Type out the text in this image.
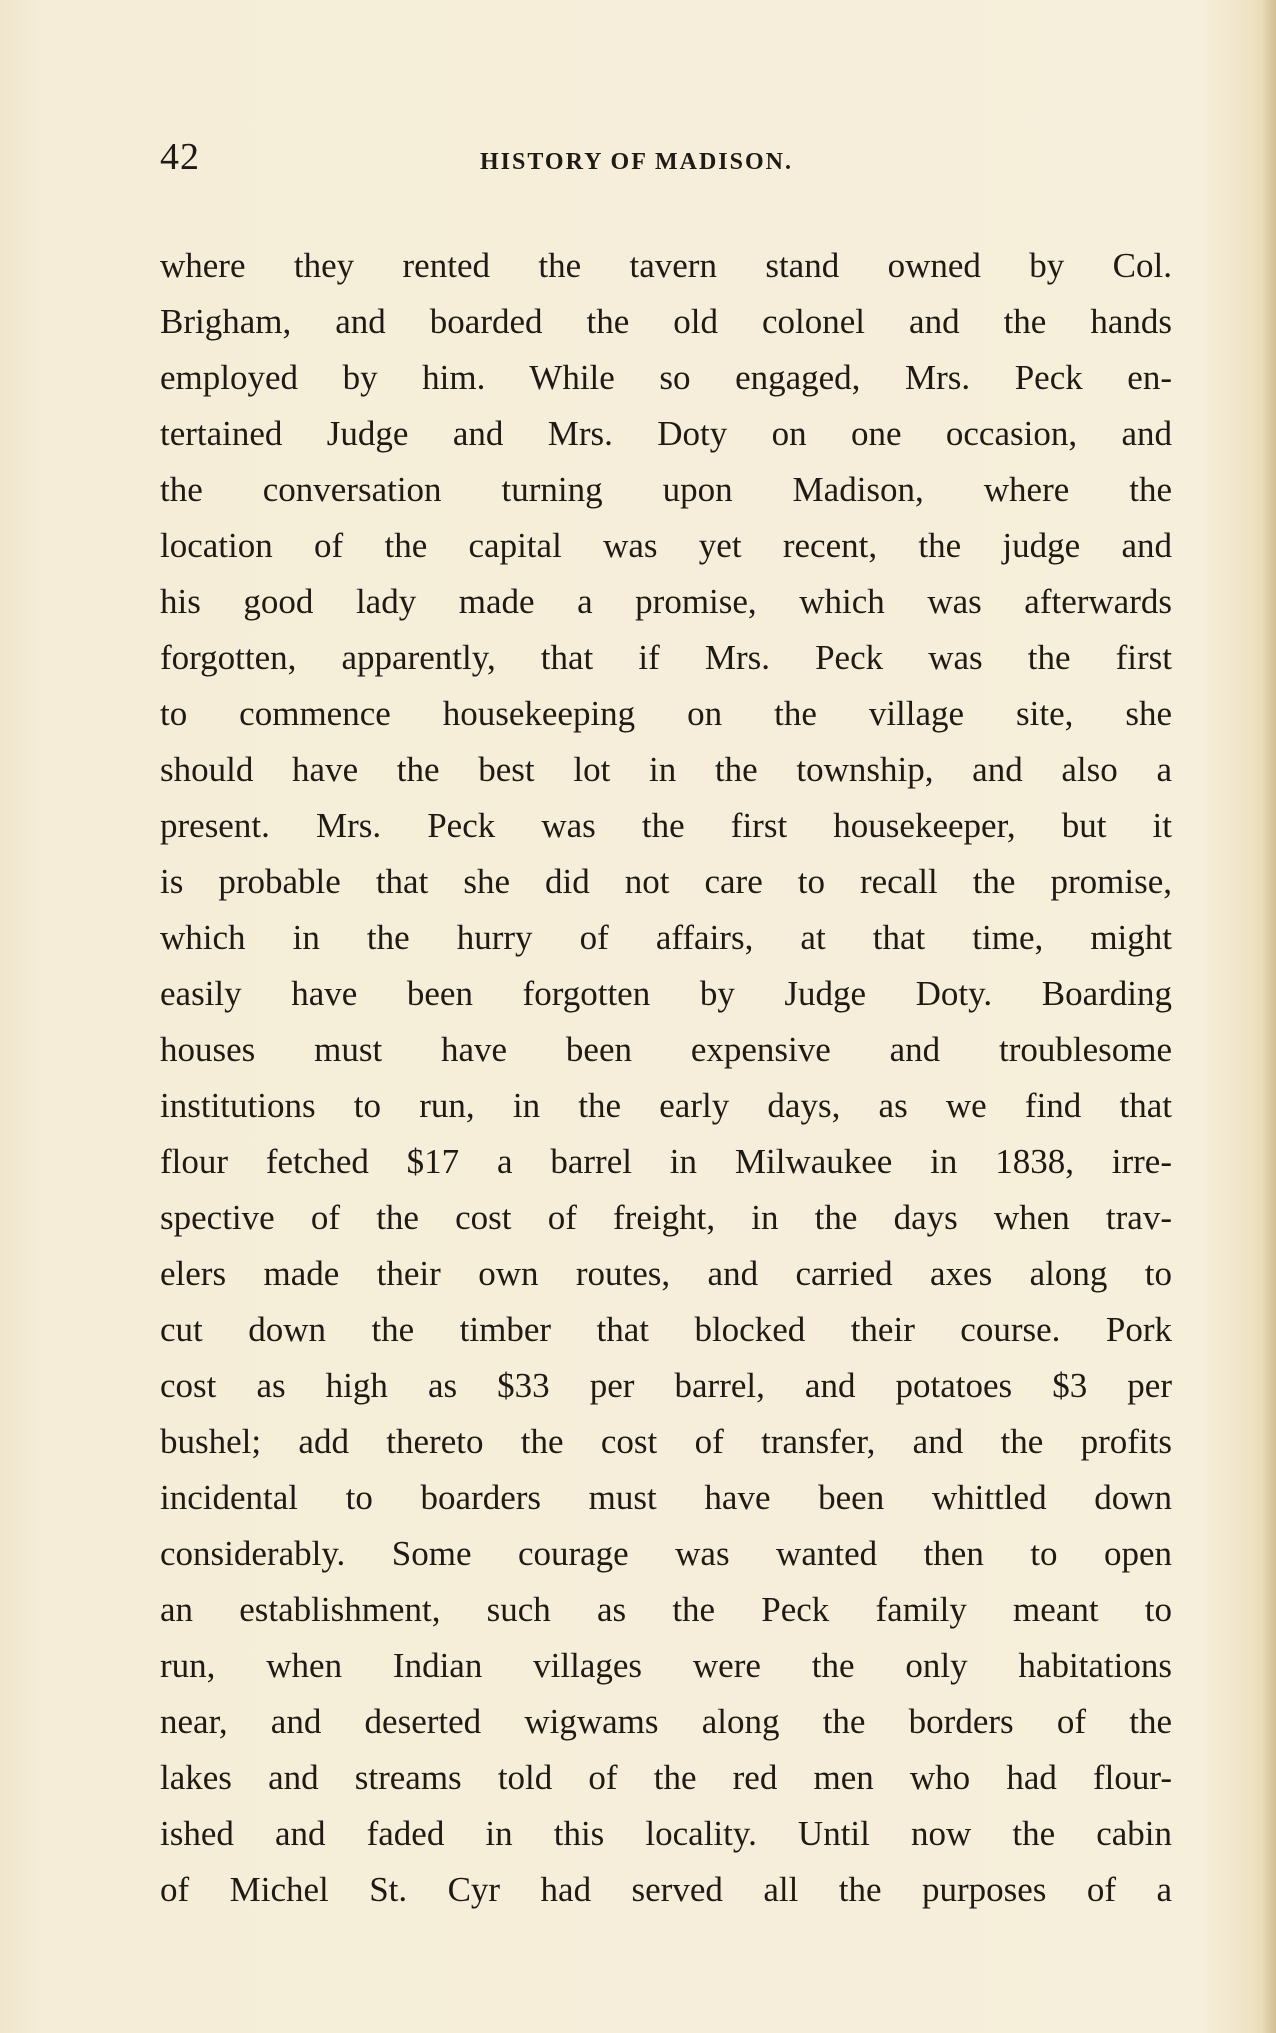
42	HISTORY OF MADISON.
where they rented the tavern stand owned by Col.
Brigham, and boarded the old colonel and the hands
employed by him. While so engaged, Mrs. Peck en-
tertained Judge and Mrs. Doty on one occasion, and
the conversation turning upon Madison, where the
location of the capital was yet recent, the judge and
his good lady made a promise, which was afterwards
forgotten, apparently, that if Mrs. Peck was the first
to commence housekeeping on the village site, she
should have the best lot in the township, and also a
present. Mrs. Peck was the first housekeeper, but it
is probable that she did not care to recall the promise,
which in the hurry of affairs, at that time, might
easily have been forgotten by Judge Doty. Boarding
houses must have been expensive and troublesome
institutions to run, in the early days, as we find that
flour fetched $17 a barrel in Milwaukee in 1838, irre-
spective of the cost of freight, in the days when trav-
elers made their own routes, and carried axes along to
cut down the timber that blocked their course. Pork
cost as high as $33 per barrel, and potatoes $3 per
bushel; add thereto the cost of transfer, and the profits
incidental to boarders must have been whittled down
considerably. Some courage was wanted then to open
an establishment, such as the Peck family meant to
run, when Indian villages were the only habitations
near, and deserted wigwams along the borders of the
lakes and streams told of the red men who had flour-
ished and faded in this locality. Until now the cabin
of Michel St. Cyr had served all the purposes of a
